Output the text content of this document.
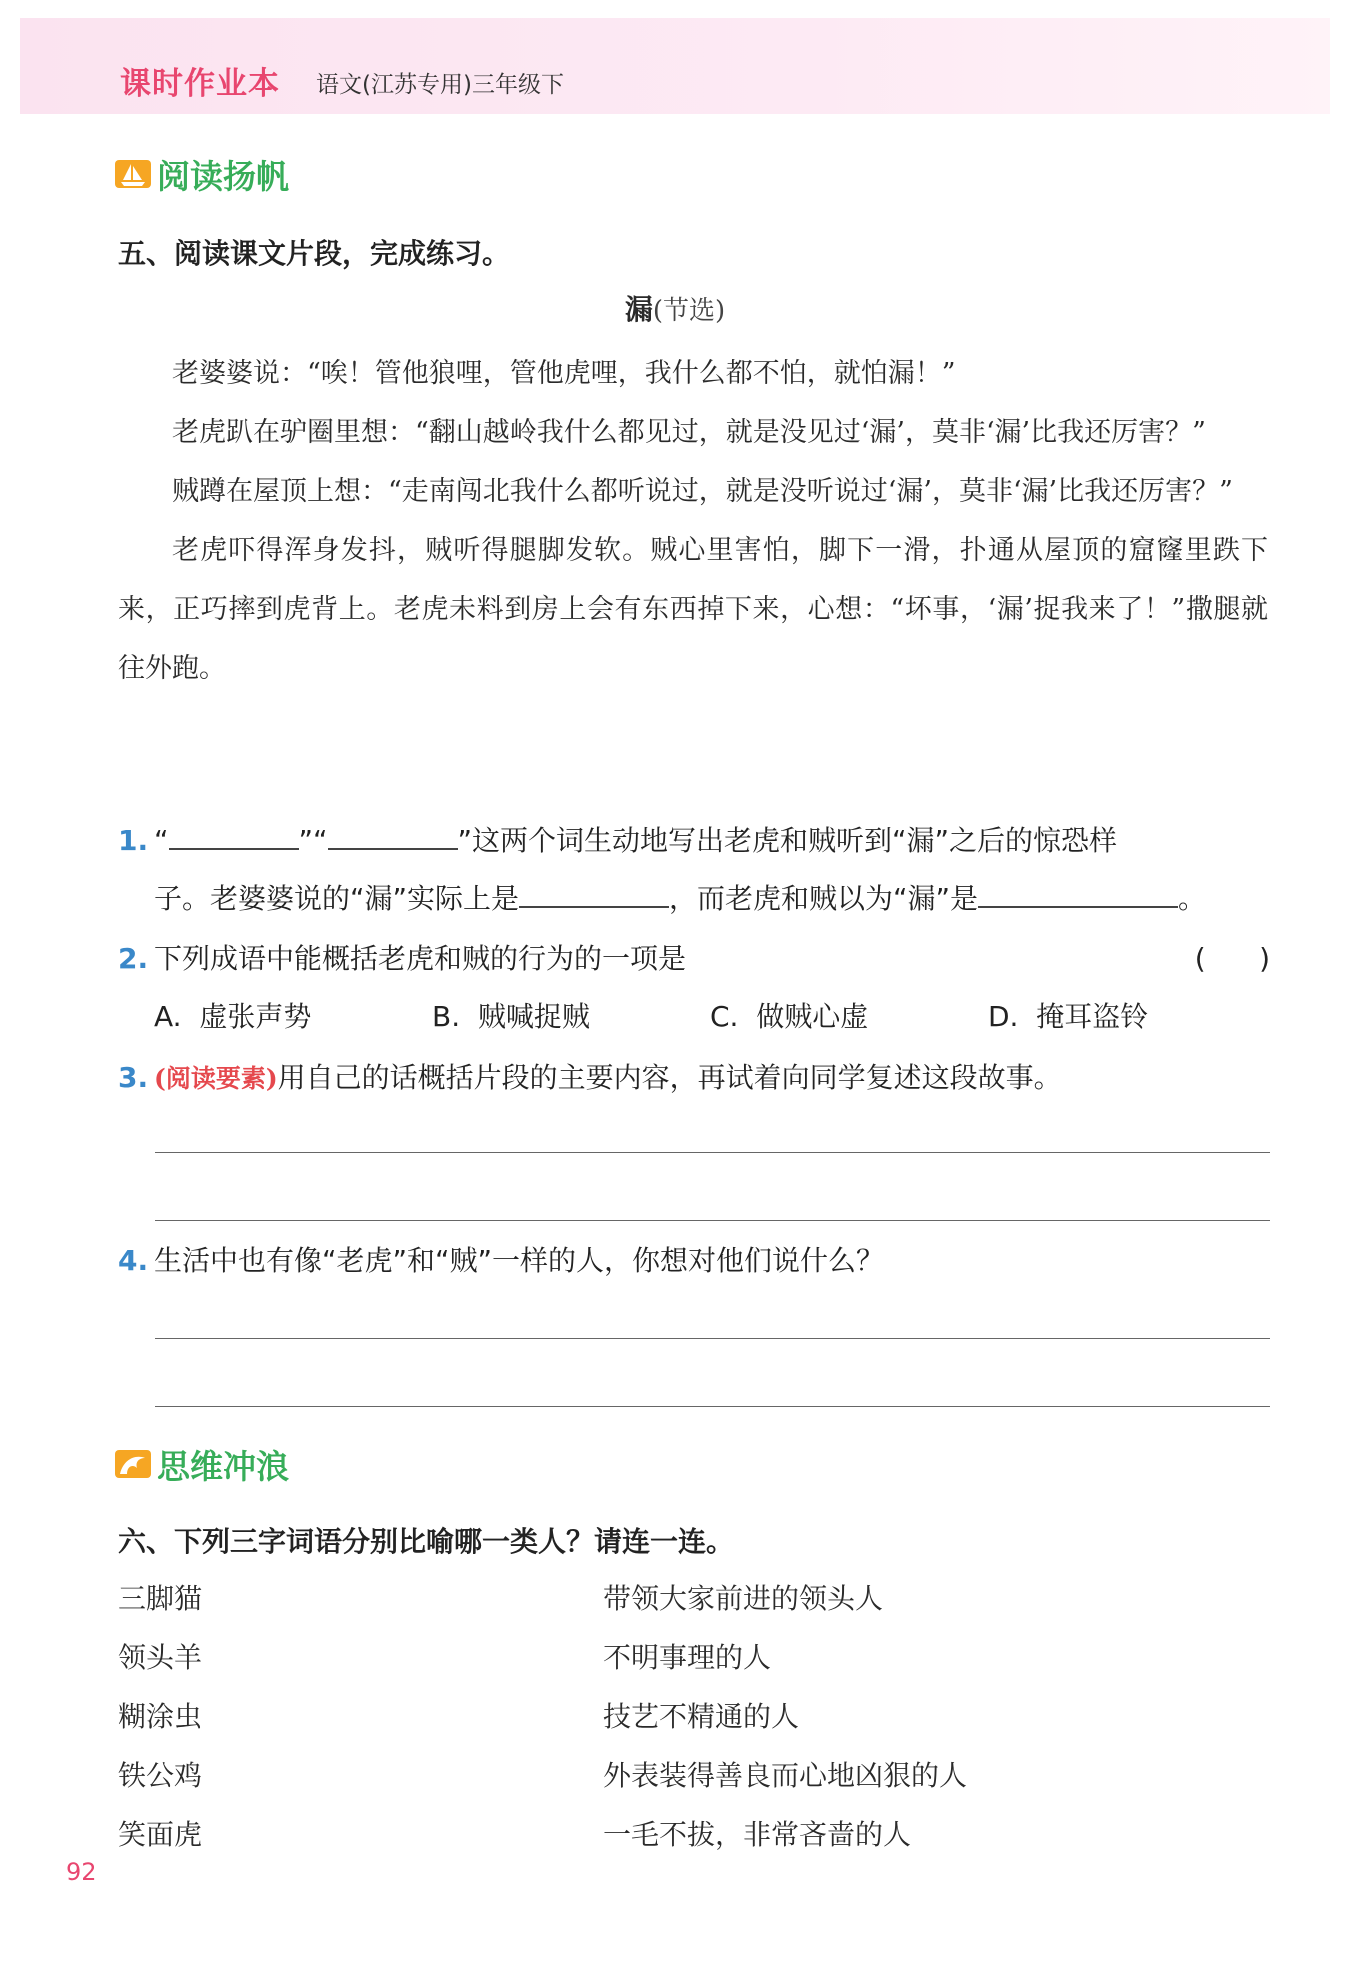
课时作业本 语文(江苏专用)三年级下
阅读扬帆
五、阅读课文片段，完成练习。
漏(节选)

老婆婆说：“唉！管他狼哩，管他虎哩，我什么都不怕，就怕漏！”

老虎趴在驴圈里想：“翻山越岭我什么都见过，就是没见过‘漏’，莫非‘漏’比我还厉害？”

贼蹲在屋顶上想：“走南闯北我什么都听说过，就是没听说过‘漏’，莫非‘漏’比我还厉害？”

老虎吓得浑身发抖，贼听得腿脚发软。贼心里害怕，脚下一滑，扑通从屋顶的窟窿里跌下来，正巧摔到虎背上。老虎未料到房上会有东西掉下来，心想：“坏事，‘漏’捉我来了！”撒腿就往外跑。

1. “	”“	”这两个词生动地写出老虎和贼听到“漏”之后的惊恐样
子。老婆婆说的“漏”实际上是	，而老虎和贼以为“漏”是	。
2. 下列成语中能概括老虎和贼的行为的一项是	(      )
A.  虚张声势	B.  贼喊捉贼	C.  做贼心虚	D.  掩耳盗铃
3. (阅读要素)用自己的话概括片段的主要内容，再试着向同学复述这段故事。
4. 生活中也有像“老虎”和“贼”一样的人，你想对他们说什么？
思维冲浪
六、下列三字词语分别比喻哪一类人？请连一连。
三脚猫	带领大家前进的领头人
领头羊	不明事理的人
糊涂虫	技艺不精通的人
铁公鸡	外表装得善良而心地凶狠的人
笑面虎	一毛不拔，非常吝啬的人
92
